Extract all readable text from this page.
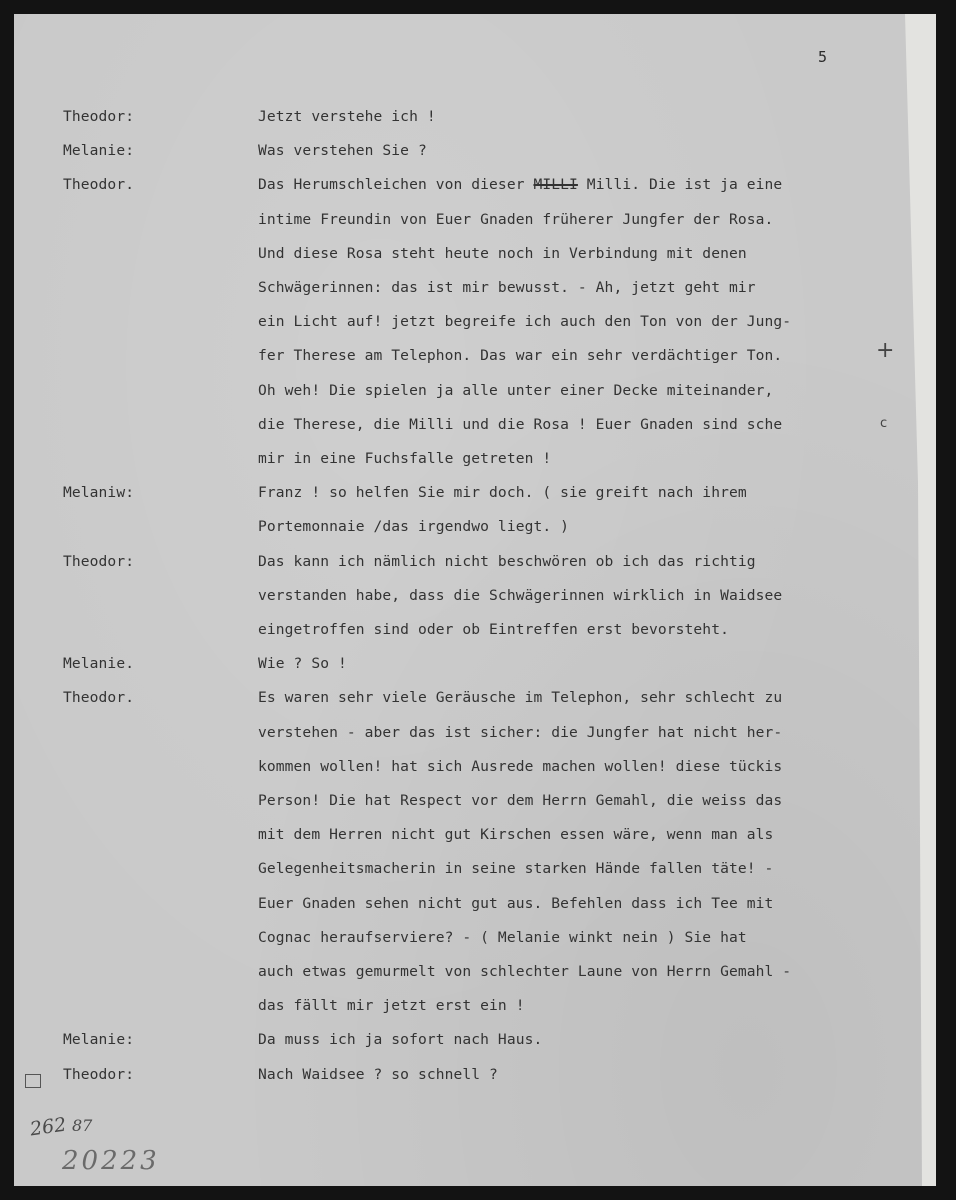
5
Theodor:	Jetzt verstehe ich !
Melanie:	Was verstehen Sie ?
Theodor.	Das Herumschleichen von dieser MILLI Milli. Die ist ja eine
intime Freundin von Euer Gnaden früherer Jungfer der Rosa.
Und diese Rosa steht heute noch in Verbindung mit denen
Schwägerinnen: das ist mir bewusst. - Ah, jetzt geht mir
ein Licht auf! jetzt begreife ich auch den Ton von der Jung-
fer Therese am Telephon. Das war ein sehr verdächtiger Ton.
Oh weh! Die spielen ja alle unter einer Decke miteinander,
die Therese, die Milli und die Rosa ! Euer Gnaden sind sche
mir in eine Fuchsfalle getreten !
Melaniw:	Franz ! so helfen Sie mir doch. ( sie greift nach ihrem
Portemonnaie /das irgendwo liegt. )
Theodor:	Das kann ich nämlich nicht beschwören ob ich das richtig
verstanden habe, dass die Schwägerinnen wirklich in Waidsee
eingetroffen sind oder ob Eintreffen erst bevorsteht.
Melanie.	Wie ? So !
Theodor.	Es waren sehr viele Geräusche im Telephon, sehr schlecht zu
verstehen - aber das ist sicher: die Jungfer hat nicht her-
kommen wollen! hat sich Ausrede machen wollen! diese tückis
Person! Die hat Respect vor dem Herrn Gemahl, die weiss das
mit dem Herren nicht gut Kirschen essen wäre, wenn man als
Gelegenheitsmacherin in seine starken Hände fallen täte! -
Euer Gnaden sehen nicht gut aus. Befehlen dass ich Tee mit
Cognac heraufserviere? - ( Melanie winkt nein ) Sie hat
auch etwas gemurmelt von schlechter Laune von Herrn Gemahl -
das fällt mir jetzt erst ein !
Melanie:	Da muss ich ja sofort nach Haus.
Theodor:	Nach Waidsee ? so schnell ?
+
c
262 87
20223
